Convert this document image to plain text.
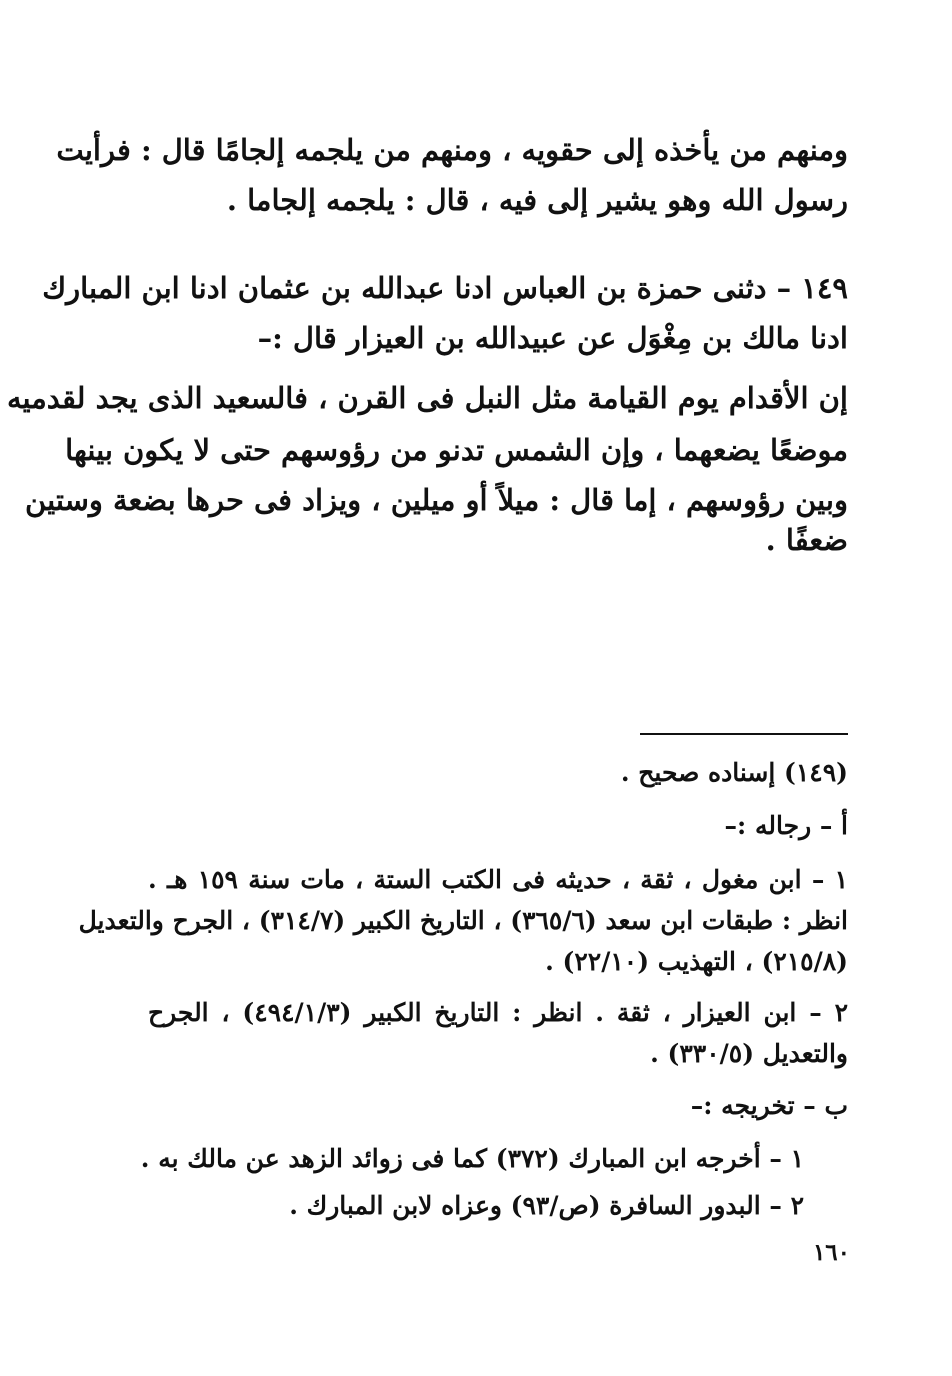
ومنهم من يأخذه إلى حقويه ، ومنهم من يلجمه إلجامًا قال : فرأيت
رسول الله وهو يشير إلى فيه ، قال : يلجمه إلجاما .
١٤٩ – دثنى حمزة بن العباس ادنا عبدالله بن عثمان ادنا ابن المبارك
ادنا مالك بن مِغْوَل عن عبيدالله بن العيزار قال :–
إن الأقدام يوم القيامة مثل النبل فى القرن ، فالسعيد الذى يجد لقدميه
موضعًا يضعهما ، وإن الشمس تدنو من رؤوسهم حتى لا يكون بينها
وبين رؤوسهم ، إما قال : ميلاً أو ميلين ، ويزاد فى حرها بضعة وستين
ضعفًا .
(١٤٩) إسناده صحيح .
أ – رجاله :–
١ – ابن مغول ، ثقة ، حديثه فى الكتب الستة ، مات سنة ١٥٩ هـ .
انظر : طبقات ابن سعد (٣٦٥/٦) ، التاريخ الكبير (٣١٤/٧) ، الجرح والتعديل
(٢١٥/٨) ، التهذيب (٢٢/١٠) .
٢ – ابن العيزار ، ثقة . انظر : التاريخ الكبير (٤٩٤/١/٣) ، الجرح
والتعديل (٣٣٠/٥) .
ب – تخريجه :–
١ – أخرجه ابن المبارك (٣٧٢) كما فى زوائد الزهد عن مالك به .
٢ – البدور السافرة (ص/٩٣) وعزاه لابن المبارك .
١٦٠
